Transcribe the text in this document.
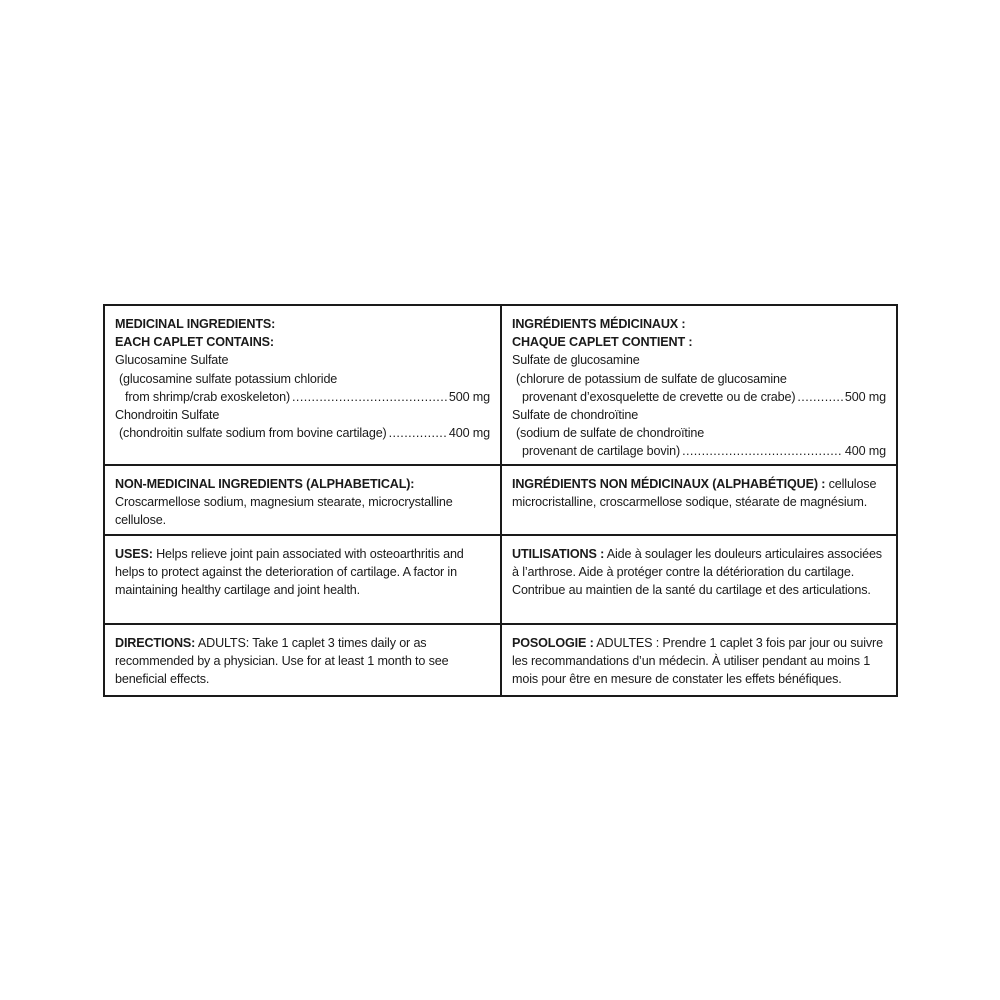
MEDICINAL INGREDIENTS:
EACH CAPLET CONTAINS:
Glucosamine Sulfate
(glucosamine sulfate potassium chloride
from shrimp/crab exoskeleton) .....	500 mg
Chondroitin Sulfate
(chondroitin sulfate sodium from bovine cartilage) .....	400 mg
INGRÉDIENTS MÉDICINAUX :
CHAQUE CAPLET CONTIENT :
Sulfate de glucosamine
(chlorure de potassium de sulfate de glucosamine
provenant d’exosquelette de crevette ou de crabe) .....	500 mg
Sulfate de chondroïtine
(sodium de sulfate de chondroïtine
provenant de cartilage bovin) .....	400 mg

NON-MEDICINAL INGREDIENTS (ALPHABETICAL):
Croscarmellose sodium, magnesium stearate, microcrystalline cellulose.

INGRÉDIENTS NON MÉDICINAUX (ALPHABÉTIQUE) : cellulose microcristalline, croscarmellose sodique, stéarate de magnésium.

USES: Helps relieve joint pain associated with osteoarthritis and helps to protect against the deterioration of cartilage. A factor in maintaining healthy cartilage and joint health.

UTILISATIONS : Aide à soulager les douleurs articulaires associées à l’arthrose. Aide à protéger contre la détérioration du cartilage. Contribue au maintien de la santé du cartilage et des articulations.

DIRECTIONS: ADULTS: Take 1 caplet 3 times daily or as recommended by a physician. Use for at least 1 month to see beneficial effects.

POSOLOGIE : ADULTES : Prendre 1 caplet 3 fois par jour ou suivre les recommandations d’un médecin. À utiliser pendant au moins 1 mois pour être en mesure de constater les effets bénéfiques.
